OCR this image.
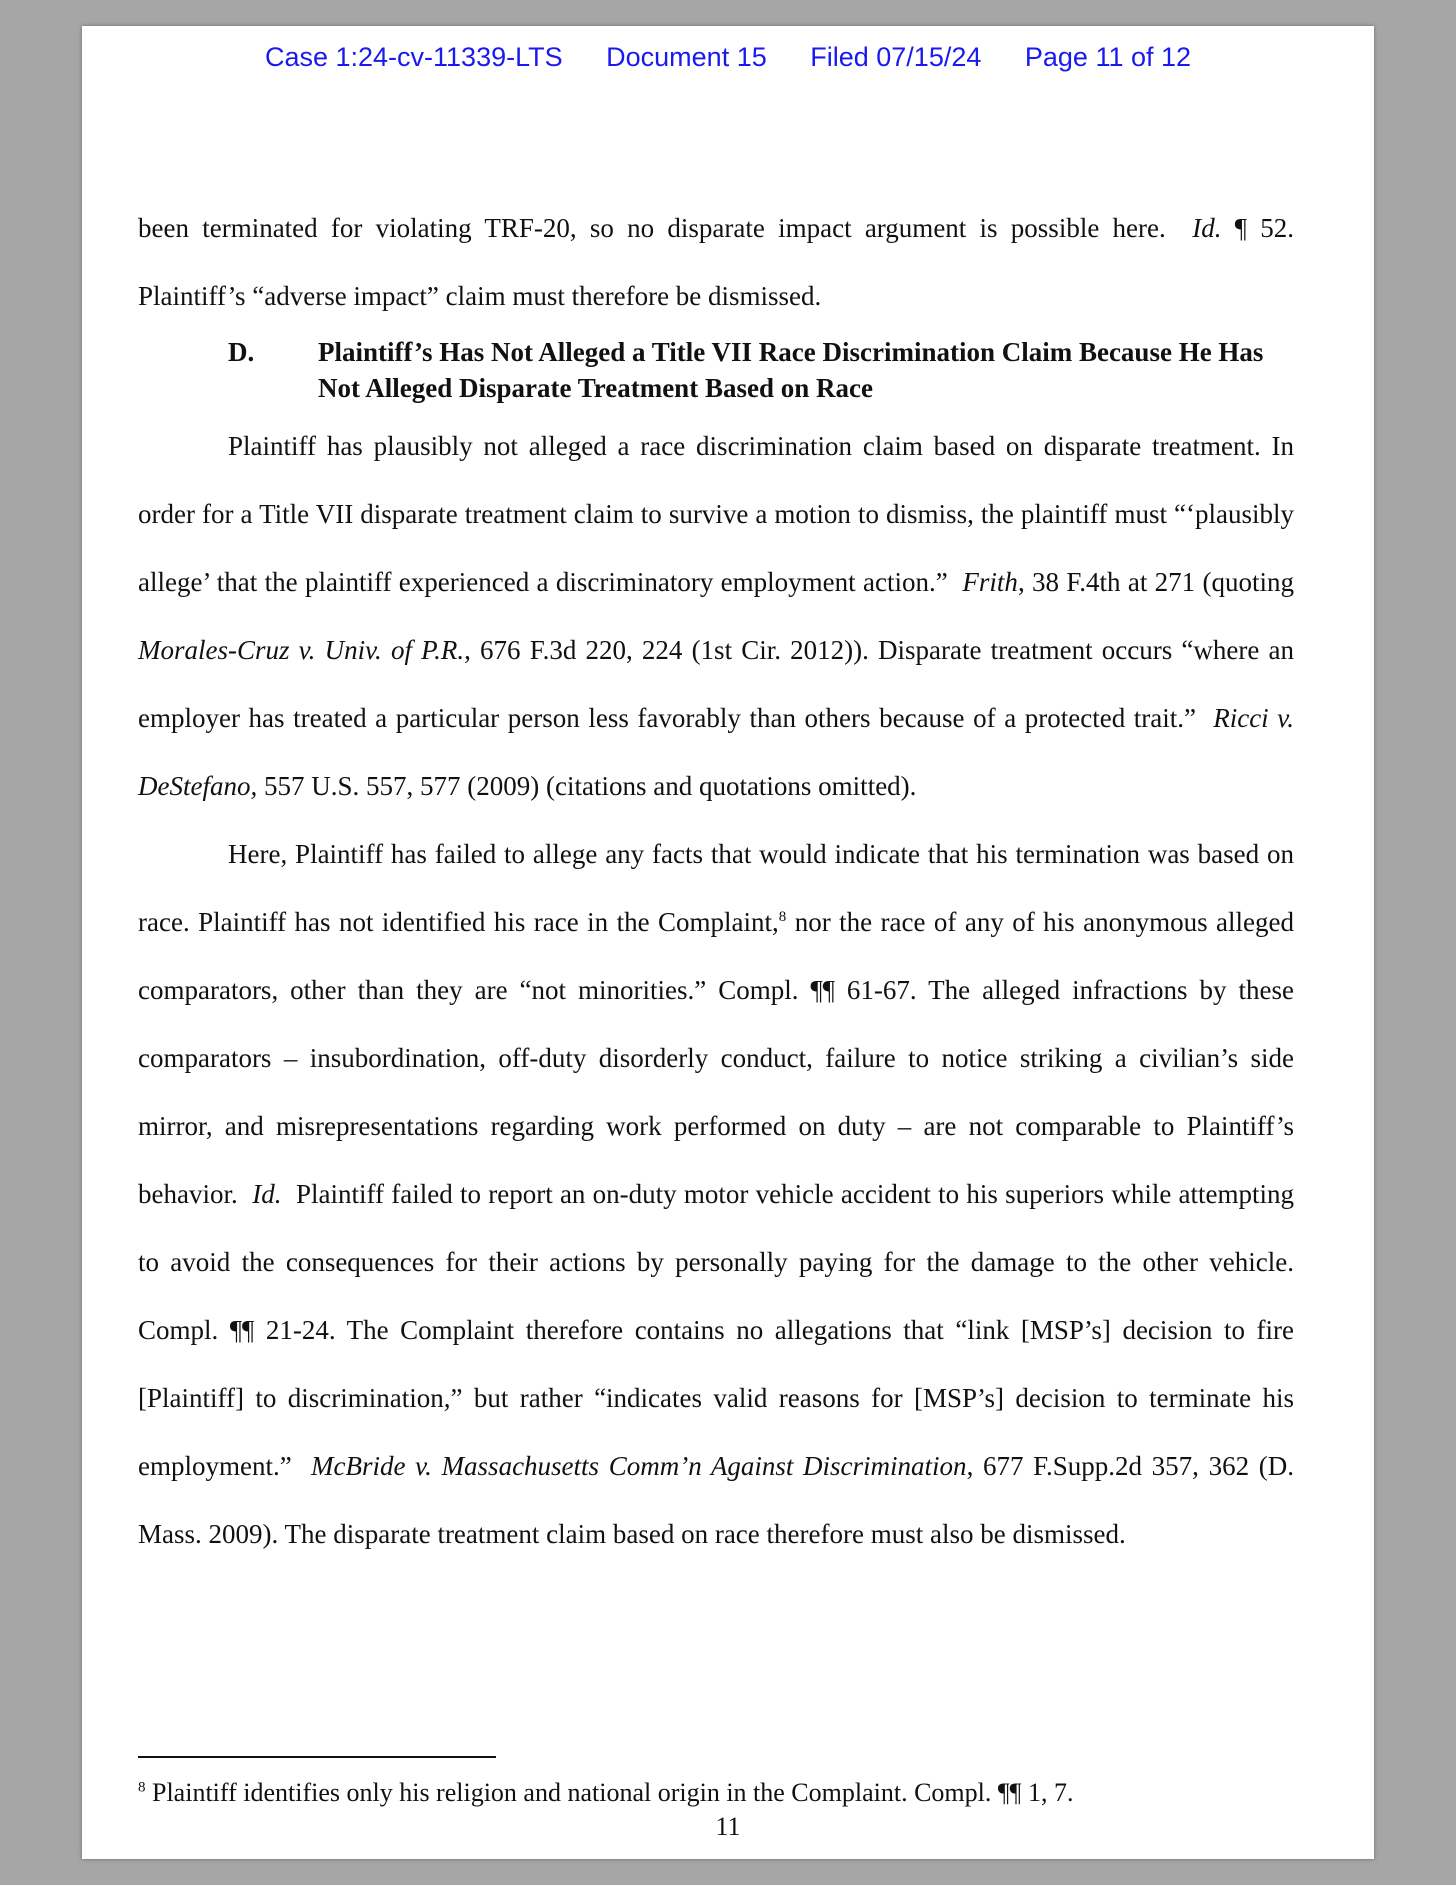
Case 1:24-cv-11339-LTS Document 15 Filed 07/15/24 Page 11 of 12

been terminated for violating TRF-20, so no disparate impact argument is possible here. Id. ¶ 52. Plaintiff’s “adverse impact” claim must therefore be dismissed.

D.	Plaintiff’s Has Not Alleged a Title VII Race Discrimination Claim Because He Has Not Alleged Disparate Treatment Based on Race

Plaintiff has plausibly not alleged a race discrimination claim based on disparate treatment. In order for a Title VII disparate treatment claim to survive a motion to dismiss, the plaintiff must “‘plausibly allege’ that the plaintiff experienced a discriminatory employment action.” Frith, 38 F.4th at 271 (quoting Morales-Cruz v. Univ. of P.R., 676 F.3d 220, 224 (1st Cir. 2012)). Disparate treatment occurs “where an employer has treated a particular person less favorably than others because of a protected trait.” Ricci v. DeStefano, 557 U.S. 557, 577 (2009) (citations and quotations omitted).

Here, Plaintiff has failed to allege any facts that would indicate that his termination was based on race. Plaintiff has not identified his race in the Complaint,$^8$ nor the race of any of his anonymous alleged comparators, other than they are “not minorities.” Compl. ¶¶ 61-67. The alleged infractions by these comparators – insubordination, off-duty disorderly conduct, failure to notice striking a civilian’s side mirror, and misrepresentations regarding work performed on duty – are not comparable to Plaintiff’s behavior. Id. Plaintiff failed to report an on-duty motor vehicle accident to his superiors while attempting to avoid the consequences for their actions by personally paying for the damage to the other vehicle. Compl. ¶¶ 21-24. The Complaint therefore contains no allegations that “link [MSP’s] decision to fire [Plaintiff] to discrimination,” but rather “indicates valid reasons for [MSP’s] decision to terminate his employment.” McBride v. Massachusetts Comm’n Against Discrimination, 677 F.Supp.2d 357, 362 (D. Mass. 2009). The disparate treatment claim based on race therefore must also be dismissed.

$^8$ Plaintiff identifies only his religion and national origin in the Complaint. Compl. ¶¶ 1, 7.
11
